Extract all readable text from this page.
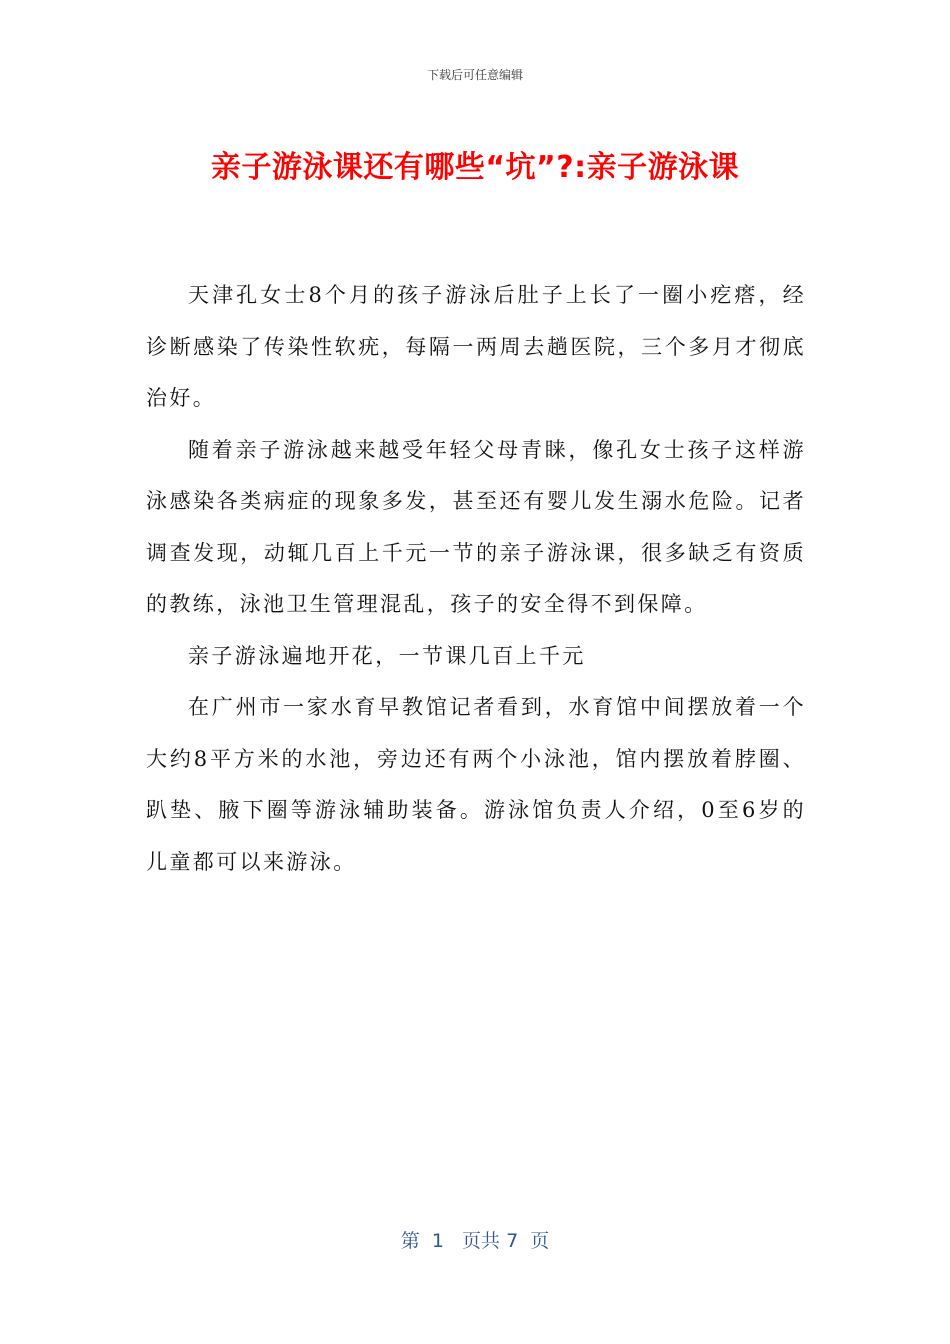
下载后可任意编辑
亲子游泳课还有哪些“坑”?:亲子游泳课

天津孔女士8个月的孩子游泳后肚子上长了一圈小疙瘩，经诊断感染了传染性软疣，每隔一两周去趟医院，三个多月才彻底治好。

随着亲子游泳越来越受年轻父母青睐，像孔女士孩子这样游泳感染各类病症的现象多发，甚至还有婴儿发生溺水危险。记者调查发现，动辄几百上千元一节的亲子游泳课，很多缺乏有资质的教练，泳池卫生管理混乱，孩子的安全得不到保障。

亲子游泳遍地开花，一节课几百上千元

在广州市一家水育早教馆记者看到，水育馆中间摆放着一个大约8平方米的水池，旁边还有两个小泳池，馆内摆放着脖圈、趴垫、腋下圈等游泳辅助装备。游泳馆负责人介绍，0至6岁的儿童都可以来游泳。

第  1   页共 7  页
